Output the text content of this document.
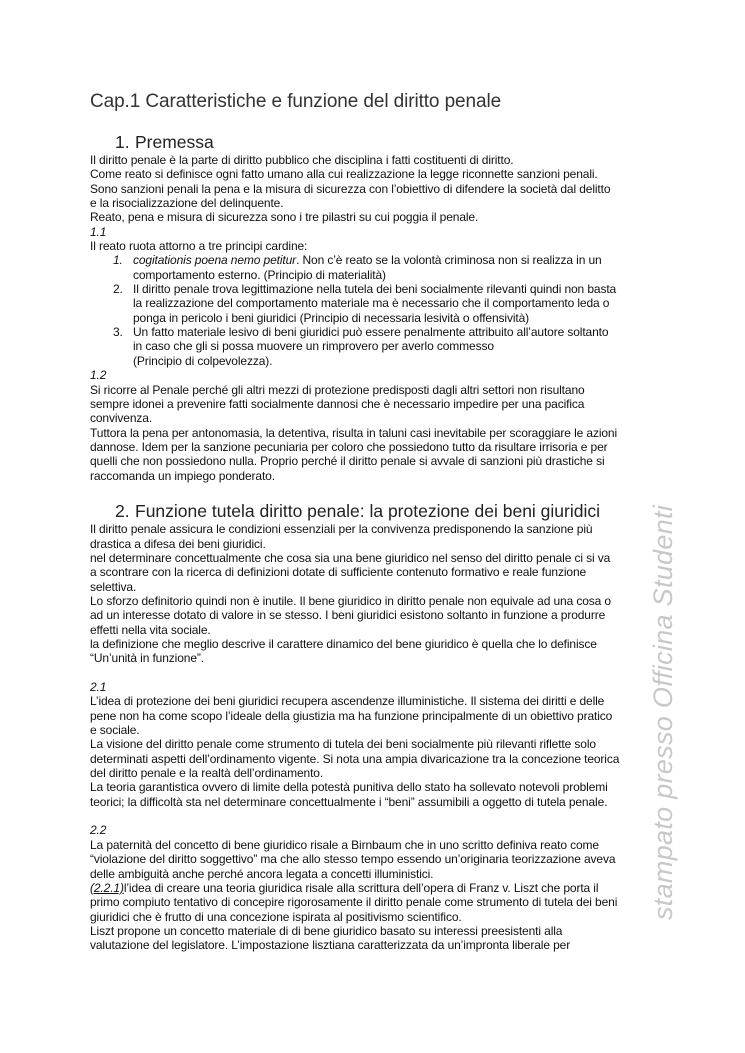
Cap.1 Caratteristiche e funzione del diritto penale
1. Premessa
Il diritto penale è la parte di diritto pubblico che disciplina i fatti costituenti di diritto.
Come reato si definisce ogni fatto umano alla cui realizzazione la legge riconnette sanzioni penali.
Sono sanzioni penali la pena e la misura di sicurezza con l’obiettivo di difendere la società dal delitto
e la risocializzazione del delinquente.
Reato, pena e misura di sicurezza sono i tre pilastri su cui poggia il penale.
1.1
Il reato ruota attorno a tre principi cardine:
1. cogitationis poena nemo petitur. Non c’è reato se la volontà criminosa non si realizza in un
comportamento esterno. (Principio di materialità)
2. Il diritto penale trova legittimazione nella tutela dei beni socialmente rilevanti quindi non basta
la realizzazione del comportamento materiale ma è necessario che il comportamento leda o
ponga in pericolo i beni giuridici (Principio di necessaria lesività o offensività)
3. Un fatto materiale lesivo di beni giuridici può essere penalmente attribuito all’autore soltanto
in caso che gli si possa muovere un rimprovero per averlo commesso
(Principio di colpevolezza).
1.2
Si ricorre al Penale perché gli altri mezzi di protezione predisposti dagli altri settori non risultano
sempre idonei a prevenire fatti socialmente dannosi che è necessario impedire per una pacifica
convivenza.
Tuttora la pena per antonomasia, la detentiva, risulta in taluni casi inevitabile per scoraggiare le azioni
dannose. Idem per la sanzione pecuniaria per coloro che possiedono tutto da risultare irrisoria e per
quelli che non possiedono nulla. Proprio perché il diritto penale si avvale di sanzioni più drastiche si
raccomanda un impiego ponderato.
2. Funzione tutela diritto penale: la protezione dei beni giuridici
Il diritto penale assicura le condizioni essenziali per la convivenza predisponendo la sanzione più
drastica a difesa dei beni giuridici.
nel determinare concettualmente che cosa sia una bene giuridico nel senso del diritto penale ci si va
a scontrare con la ricerca di definizioni dotate di sufficiente contenuto formativo e reale funzione
selettiva.
Lo sforzo definitorio quindi non è inutile. Il bene giuridico in diritto penale non equivale ad una cosa o
ad un interesse dotato di valore in se stesso. I beni giuridici esistono soltanto in funzione a produrre
effetti nella vita sociale.
la definizione che meglio descrive il carattere dinamico del bene giuridico è quella che lo definisce
“Un’unità in funzione”.
2.1
L’idea di protezione dei beni giuridici recupera ascendenze illuministiche. Il sistema dei diritti e delle
pene non ha come scopo l’ideale della giustizia ma ha funzione principalmente di un obiettivo pratico
e sociale.
La visione del diritto penale come strumento di tutela dei beni socialmente più rilevanti riflette solo
determinati aspetti dell’ordinamento vigente. Si nota una ampia divaricazione tra la concezione teorica
del diritto penale e la realtà dell’ordinamento.
La teoria garantistica ovvero di limite della potestà punitiva dello stato ha sollevato notevoli problemi
teorici; la difficoltà sta nel determinare concettualmente i “beni” assumibili a oggetto di tutela penale.
2.2
La paternità del concetto di bene giuridico risale a Birnbaum che in uno scritto definiva reato come
“violazione del diritto soggettivo” ma che allo stesso tempo essendo un’originaria teorizzazione aveva
delle ambiguità anche perché ancora legata a concetti illuministici.
(2.2.1)l’idea di creare una teoria giuridica risale alla scrittura dell’opera di Franz v. Liszt che porta il
primo compiuto tentativo di concepire rigorosamente il diritto penale come strumento di tutela dei beni
giuridici che è frutto di una concezione ispirata al positivismo scientifico.
Liszt propone un concetto materiale di di bene giuridico basato su interessi preesistenti alla
valutazione del legislatore. L’impostazione lisztiana caratterizzata da un’impronta liberale per
stampato presso Officina Studenti
